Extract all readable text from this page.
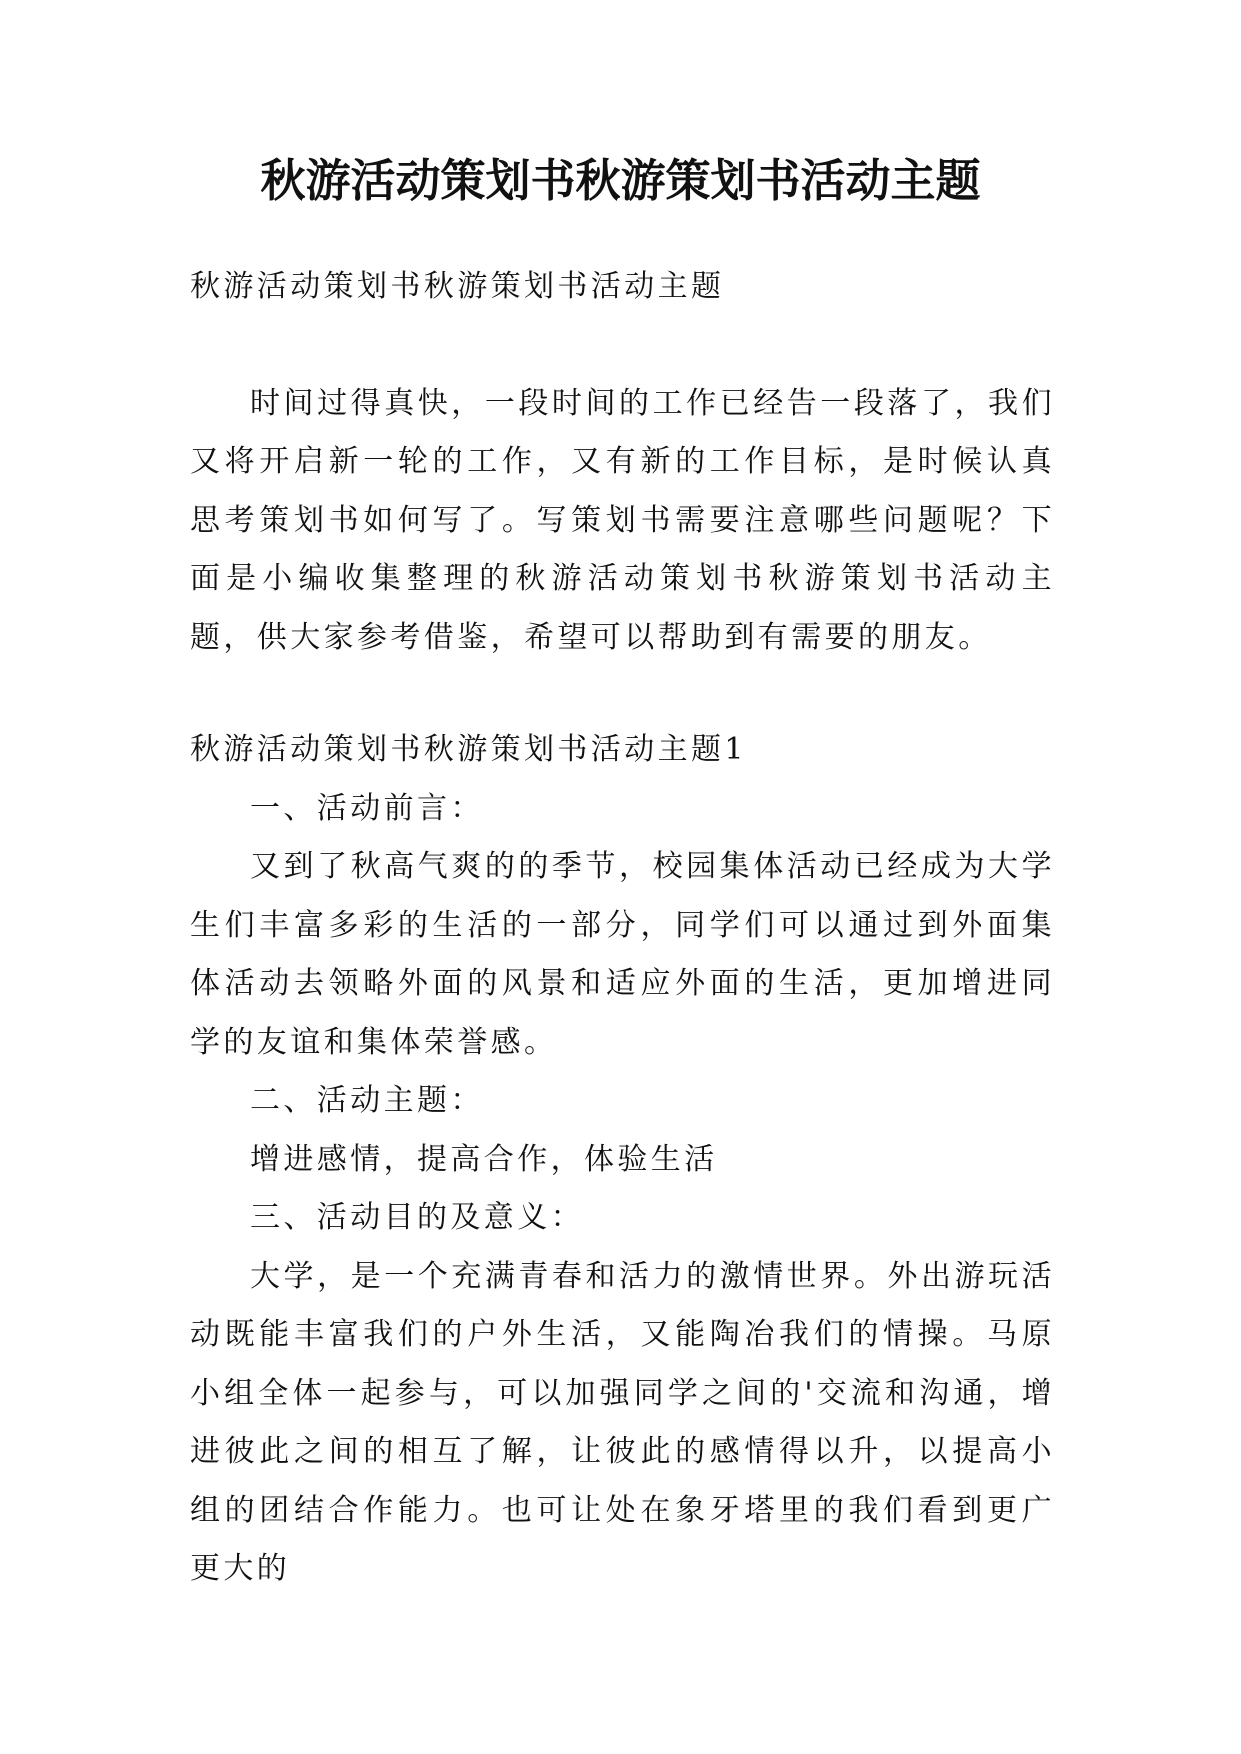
秋游活动策划书秋游策划书活动主题

秋游活动策划书秋游策划书活动主题

时间过得真快，一段时间的工作已经告一段落了，我们又将开启新一轮的工作，又有新的工作目标，是时候认真思考策划书如何写了。写策划书需要注意哪些问题呢？下面是小编收集整理的秋游活动策划书秋游策划书活动主题，供大家参考借鉴，希望可以帮助到有需要的朋友。

秋游活动策划书秋游策划书活动主题1

一、活动前言：

又到了秋高气爽的的季节，校园集体活动已经成为大学生们丰富多彩的生活的一部分，同学们可以通过到外面集体活动去领略外面的风景和适应外面的生活，更加增进同学的友谊和集体荣誉感。

二、活动主题：

增进感情，提高合作，体验生活

三、活动目的及意义：

大学，是一个充满青春和活力的激情世界。外出游玩活动既能丰富我们的户外生活，又能陶冶我们的情操。马原小组全体一起参与，可以加强同学之间的'交流和沟通，增进彼此之间的相互了解，让彼此的感情得以升，以提高小组的团结合作能力。也可让处在象牙塔里的我们看到更广更大的
